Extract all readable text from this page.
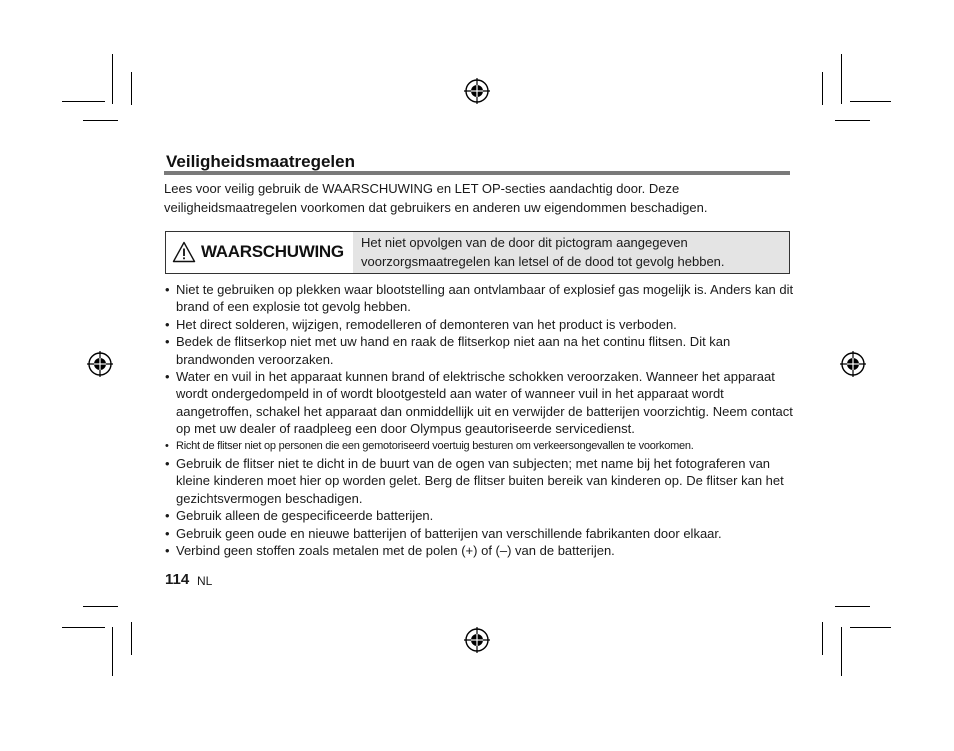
Veiligheidsmaatregelen
Lees voor veilig gebruik de WAARSCHUWING en LET OP-secties aandachtig door. Deze veiligheidsmaatregelen voorkomen dat gebruikers en anderen uw eigendommen beschadigen.
WAARSCHUWING	Het niet opvolgen van de door dit pictogram aangegeven voorzorgsmaatregelen kan letsel of de dood tot gevolg hebben.
• Niet te gebruiken op plekken waar blootstelling aan ontvlambaar of explosief gas mogelijk is. Anders kan dit brand of een explosie tot gevolg hebben.
• Het direct solderen, wijzigen, remodelleren of demonteren van het product is verboden.
• Bedek de flitserkop niet met uw hand en raak de flitserkop niet aan na het continu flitsen. Dit kan brandwonden veroorzaken.
• Water en vuil in het apparaat kunnen brand of elektrische schokken veroorzaken. Wanneer het apparaat wordt ondergedompeld in of wordt blootgesteld aan water of wanneer vuil in het apparaat wordt aangetroffen, schakel het apparaat dan onmiddellijk uit en verwijder de batterijen voorzichtig. Neem contact op met uw dealer of raadpleeg een door Olympus geautoriseerde servicedienst.
• Richt de flitser niet op personen die een gemotoriseerd voertuig besturen om verkeersongevallen te voorkomen.
• Gebruik de flitser niet te dicht in de buurt van de ogen van subjecten; met name bij het fotograferen van kleine kinderen moet hier op worden gelet. Berg de flitser buiten bereik van kinderen op. De flitser kan het gezichtsvermogen beschadigen.
• Gebruik alleen de gespecificeerde batterijen.
• Gebruik geen oude en nieuwe batterijen of batterijen van verschillende fabrikanten door elkaar.
• Verbind geen stoffen zoals metalen met de polen (+) of (–) van de batterijen.
114 NL
